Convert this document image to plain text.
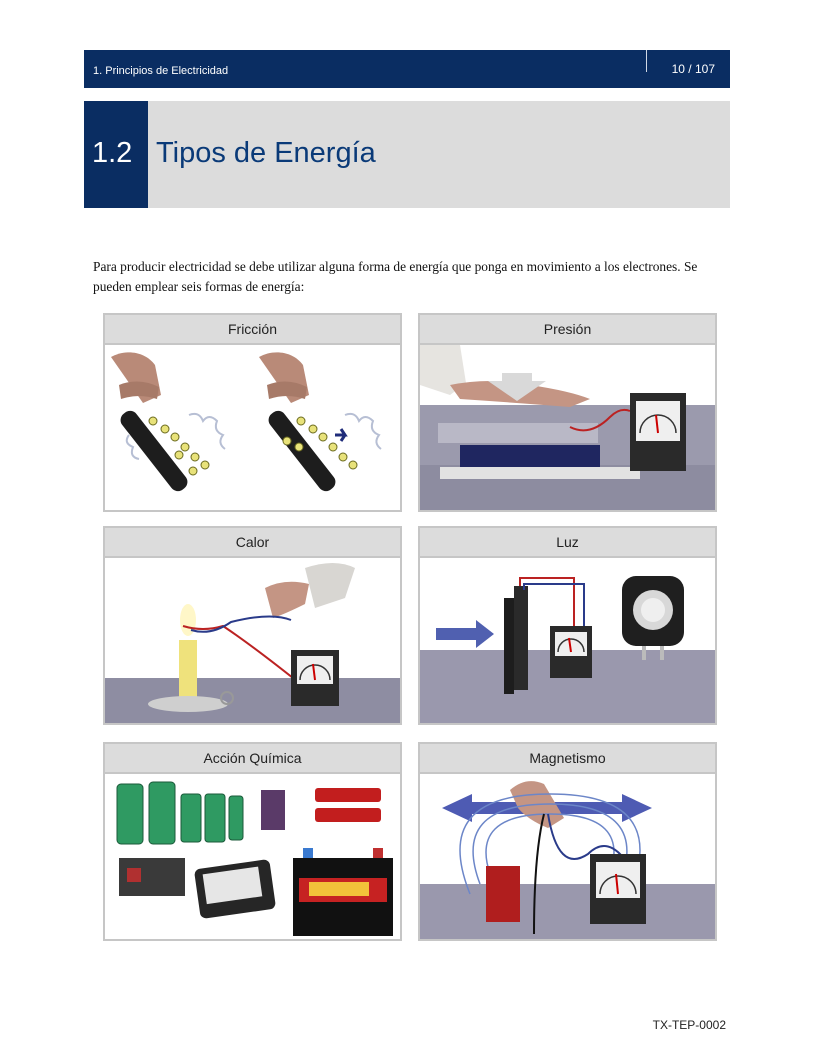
1. Principios de Electricidad	10 / 107
1.2 Tipos de Energía

Para producir electricidad se debe utilizar alguna forma de energía que ponga en movimiento a los electrones. Se pueden emplear seis formas de energía:

Fricción	Presión
Calor	Luz
Acción Química	Magnetismo
TX-TEP-0002
